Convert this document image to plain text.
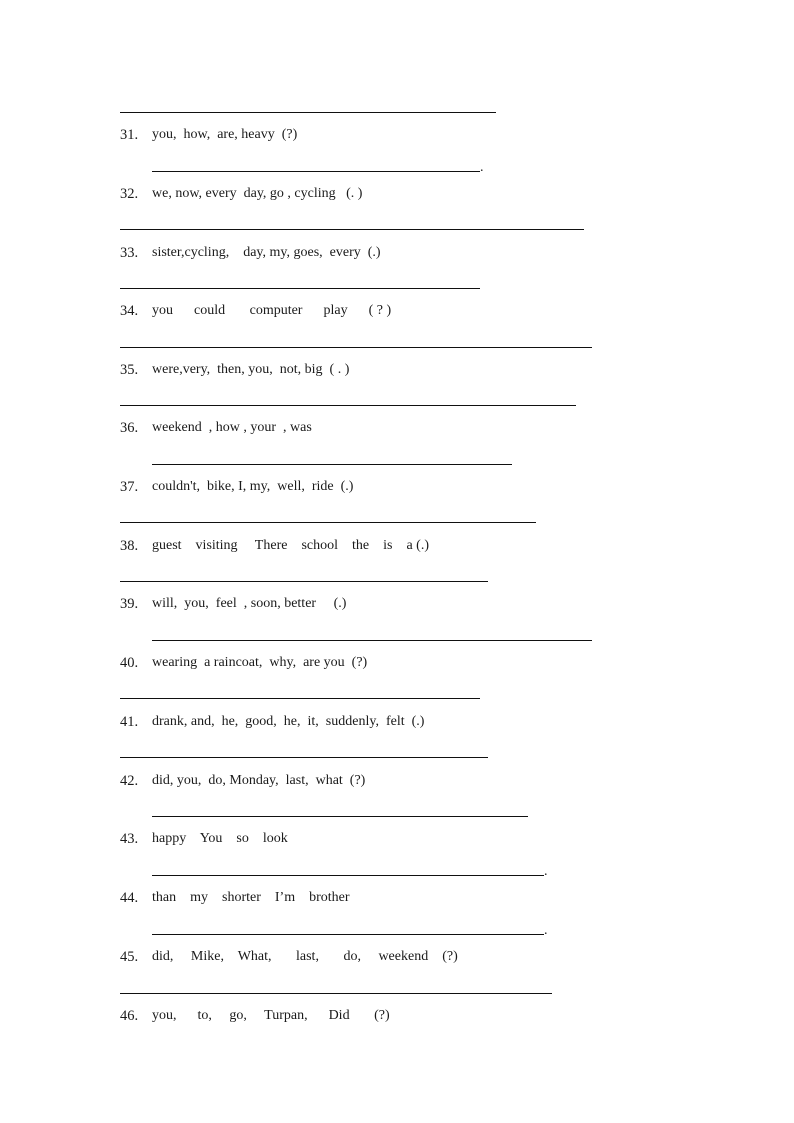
31. you,  how,  are, heavy  (?)
.
32. we, now, every  day, go , cycling   (. )
33. sister,cycling,    day, my, goes,  every  (.)
34. you      could       computer      play      ( ? )
35. were,very,  then, you,  not, big  ( . )
36. weekend  , how , your  , was
37. couldn't,  bike, I, my,  well,  ride  (.)
38. guest    visiting     There    school    the    is    a (.)
39. will,  you,  feel  , soon, better     (.)
40. wearing  a raincoat,  why,  are you  (?)
41. drank, and,  he,  good,  he,  it,  suddenly,  felt  (.)
42. did, you,  do, Monday,  last,  what  (?)
43. happy    You    so    look
.
44. than    my    shorter    I’m    brother
.
45. did,     Mike,    What,       last,       do,     weekend    (?)
46. you,      to,     go,     Turpan,      Did       (?)
